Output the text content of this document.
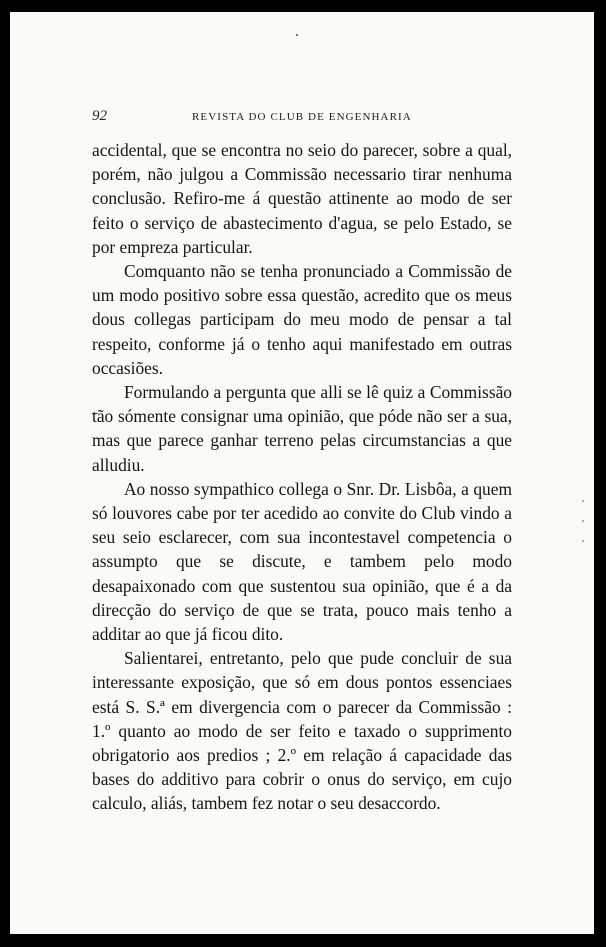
92	REVISTA DO CLUB DE ENGENHARIA

accidental, que se encontra no seio do parecer, sobre a qual, porém, não julgou a Commissão necessario tirar nenhuma conclusão. Refiro-me á questão attinente ao modo de ser feito o serviço de abastecimento d'agua, se pelo Estado, se por empreza particular.

Comquanto não se tenha pronunciado a Commissão de um modo positivo sobre essa questão, acredito que os meus dous collegas participam do meu modo de pensar a tal respeito, conforme já o tenho aqui manifestado em outras occasiões.

Formulando a pergunta que alli se lê quiz a Commissão tão sómente consignar uma opinião, que póde não ser a sua, mas que parece ganhar terreno pelas circumstancias a que alludiu.

Ao nosso sympathico collega o Snr. Dr. Lisbôa, a quem só louvores cabe por ter acedido ao convite do Club vindo a seu seio esclarecer, com sua incontestavel competencia o assumpto que se discute, e tambem pelo modo desapaixonado com que sustentou sua opinião, que é a da direcção do serviço de que se trata, pouco mais tenho a additar ao que já ficou dito.

Salientarei, entretanto, pelo que pude concluir de sua interessante exposição, que só em dous pontos essenciaes está S. S.ª em divergencia com o parecer da Commissão : 1.º quanto ao modo de ser feito e taxado o supprimento obrigatorio aos predios ; 2.º em relação á capacidade das bases do additivo para cobrir o onus do serviço, em cujo calculo, aliás, tambem fez notar o seu desaccordo.
